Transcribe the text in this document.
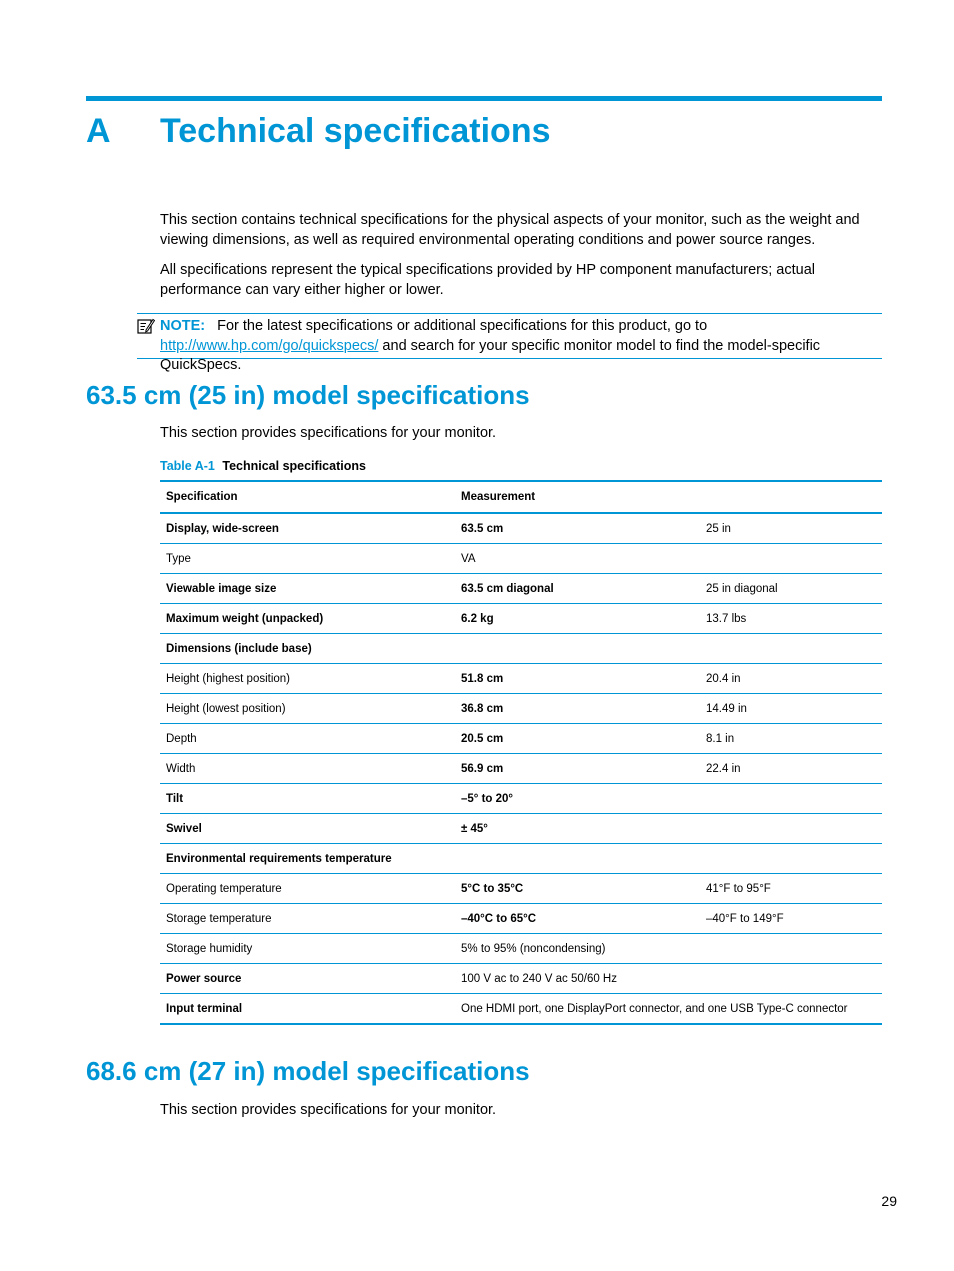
A Technical specifications
This section contains technical specifications for the physical aspects of your monitor, such as the weight and viewing dimensions, as well as required environmental operating conditions and power source ranges.
All specifications represent the typical specifications provided by HP component manufacturers; actual performance can vary either higher or lower.
NOTE: For the latest specifications or additional specifications for this product, go to http://www.hp.com/go/quickspecs/ and search for your specific monitor model to find the model-specific QuickSpecs.
63.5 cm (25 in) model specifications
This section provides specifications for your monitor.
Table A-1 Technical specifications
Specification	Measurement	
Display, wide-screen	63.5 cm	25 in
Type	VA	
Viewable image size	63.5 cm diagonal	25 in diagonal
Maximum weight (unpacked)	6.2 kg	13.7 lbs
Dimensions (include base)		
Height (highest position)	51.8 cm	20.4 in
Height (lowest position)	36.8 cm	14.49 in
Depth	20.5 cm	8.1 in
Width	56.9 cm	22.4 in
Tilt	–5° to 20°	
Swivel	± 45°	
Environmental requirements temperature		
Operating temperature	5°C to 35°C	41°F to 95°F
Storage temperature	–40°C to 65°C	–40°F to 149°F
Storage humidity	5% to 95% (noncondensing)	
Power source	100 V ac to 240 V ac 50/60 Hz	
Input terminal	One HDMI port, one DisplayPort connector, and one USB Type-C connector	
68.6 cm (27 in) model specifications
This section provides specifications for your monitor.
29
